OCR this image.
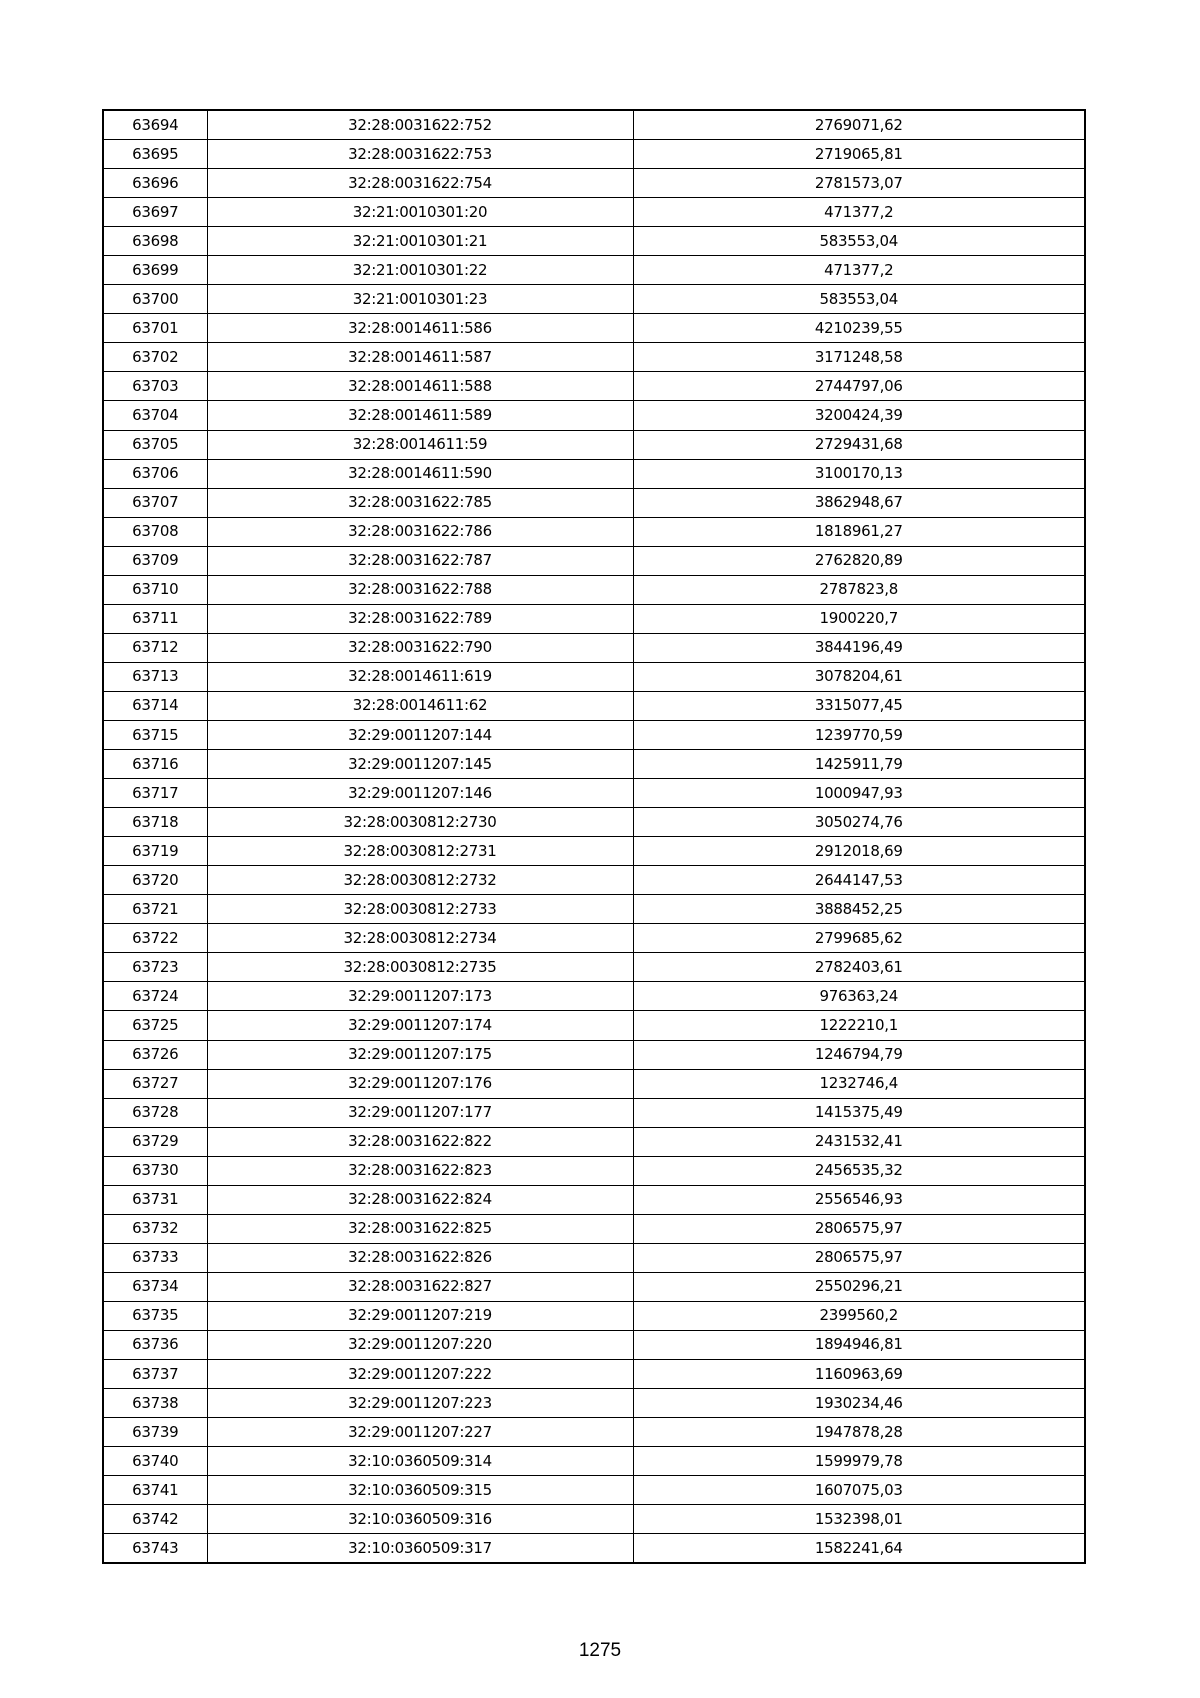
63694	32:28:0031622:752	2769071,62
63695	32:28:0031622:753	2719065,81
63696	32:28:0031622:754	2781573,07
63697	32:21:0010301:20	471377,2
63698	32:21:0010301:21	583553,04
63699	32:21:0010301:22	471377,2
63700	32:21:0010301:23	583553,04
63701	32:28:0014611:586	4210239,55
63702	32:28:0014611:587	3171248,58
63703	32:28:0014611:588	2744797,06
63704	32:28:0014611:589	3200424,39
63705	32:28:0014611:59	2729431,68
63706	32:28:0014611:590	3100170,13
63707	32:28:0031622:785	3862948,67
63708	32:28:0031622:786	1818961,27
63709	32:28:0031622:787	2762820,89
63710	32:28:0031622:788	2787823,8
63711	32:28:0031622:789	1900220,7
63712	32:28:0031622:790	3844196,49
63713	32:28:0014611:619	3078204,61
63714	32:28:0014611:62	3315077,45
63715	32:29:0011207:144	1239770,59
63716	32:29:0011207:145	1425911,79
63717	32:29:0011207:146	1000947,93
63718	32:28:0030812:2730	3050274,76
63719	32:28:0030812:2731	2912018,69
63720	32:28:0030812:2732	2644147,53
63721	32:28:0030812:2733	3888452,25
63722	32:28:0030812:2734	2799685,62
63723	32:28:0030812:2735	2782403,61
63724	32:29:0011207:173	976363,24
63725	32:29:0011207:174	1222210,1
63726	32:29:0011207:175	1246794,79
63727	32:29:0011207:176	1232746,4
63728	32:29:0011207:177	1415375,49
63729	32:28:0031622:822	2431532,41
63730	32:28:0031622:823	2456535,32
63731	32:28:0031622:824	2556546,93
63732	32:28:0031622:825	2806575,97
63733	32:28:0031622:826	2806575,97
63734	32:28:0031622:827	2550296,21
63735	32:29:0011207:219	2399560,2
63736	32:29:0011207:220	1894946,81
63737	32:29:0011207:222	1160963,69
63738	32:29:0011207:223	1930234,46
63739	32:29:0011207:227	1947878,28
63740	32:10:0360509:314	1599979,78
63741	32:10:0360509:315	1607075,03
63742	32:10:0360509:316	1532398,01
63743	32:10:0360509:317	1582241,64
1275
